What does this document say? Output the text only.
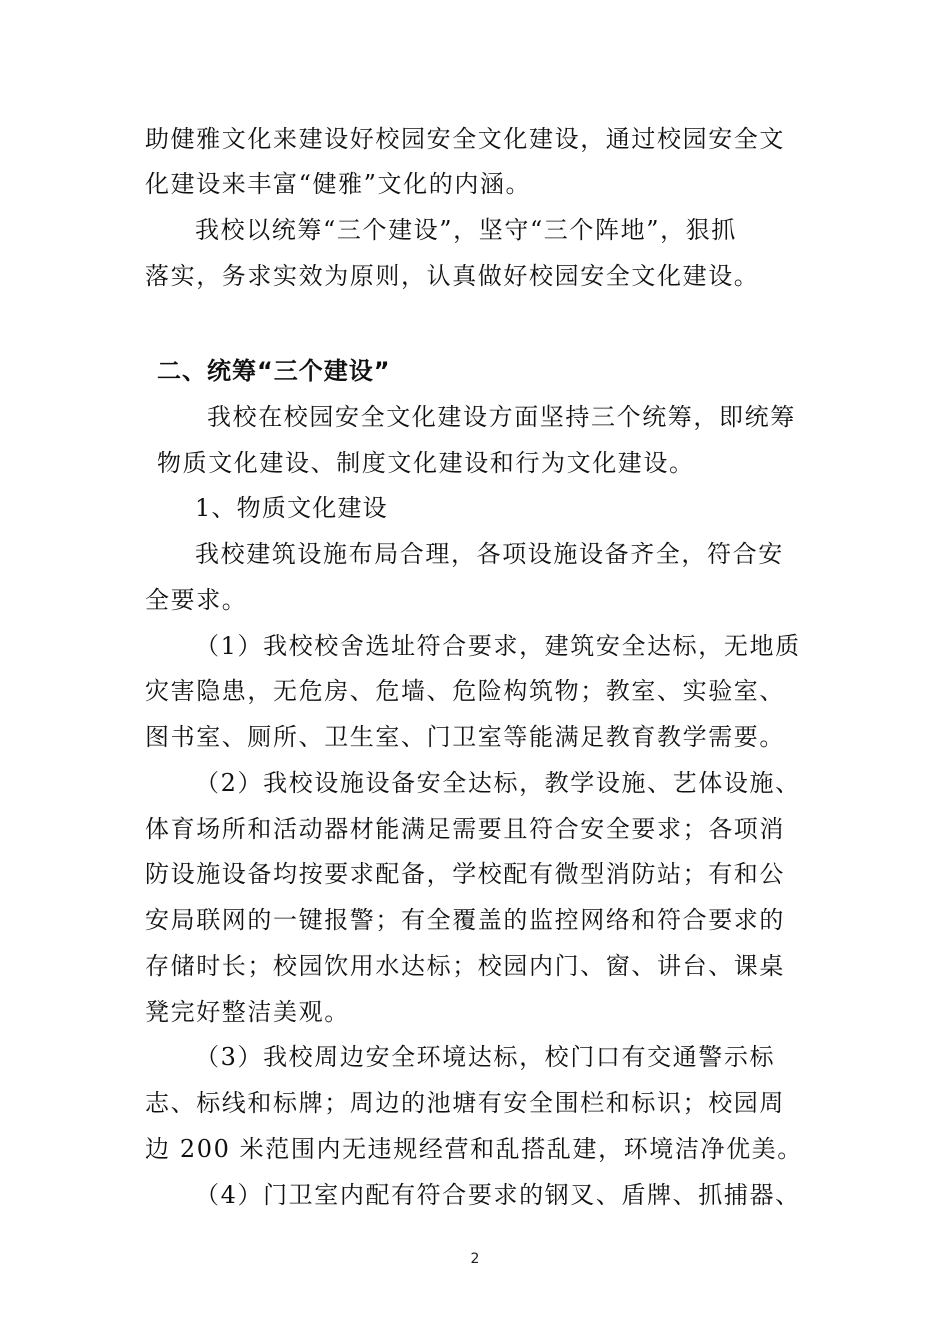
助健雅文化来建设好校园安全文化建设，通过校园安全文
化建设来丰富“健雅”文化的内涵。
我校以统筹“三个建设”，坚守“三个阵地”，狠抓
落实，务求实效为原则，认真做好校园安全文化建设。
二、统筹“三个建设”
我校在校园安全文化建设方面坚持三个统筹，即统筹
物质文化建设、制度文化建设和行为文化建设。
1、物质文化建设
我校建筑设施布局合理，各项设施设备齐全，符合安
全要求。
（1）我校校舍选址符合要求，建筑安全达标，无地质
灾害隐患，无危房、危墙、危险构筑物；教室、实验室、
图书室、厕所、卫生室、门卫室等能满足教育教学需要。
（2）我校设施设备安全达标，教学设施、艺体设施、
体育场所和活动器材能满足需要且符合安全要求；各项消
防设施设备均按要求配备，学校配有微型消防站；有和公
安局联网的一键报警；有全覆盖的监控网络和符合要求的
存储时长；校园饮用水达标；校园内门、窗、讲台、课桌
凳完好整洁美观。
（3）我校周边安全环境达标，校门口有交通警示标
志、标线和标牌；周边的池塘有安全围栏和标识；校园周
边 200 米范围内无违规经营和乱搭乱建，环境洁净优美。
（4）门卫室内配有符合要求的钢叉、盾牌、抓捕器、
2
